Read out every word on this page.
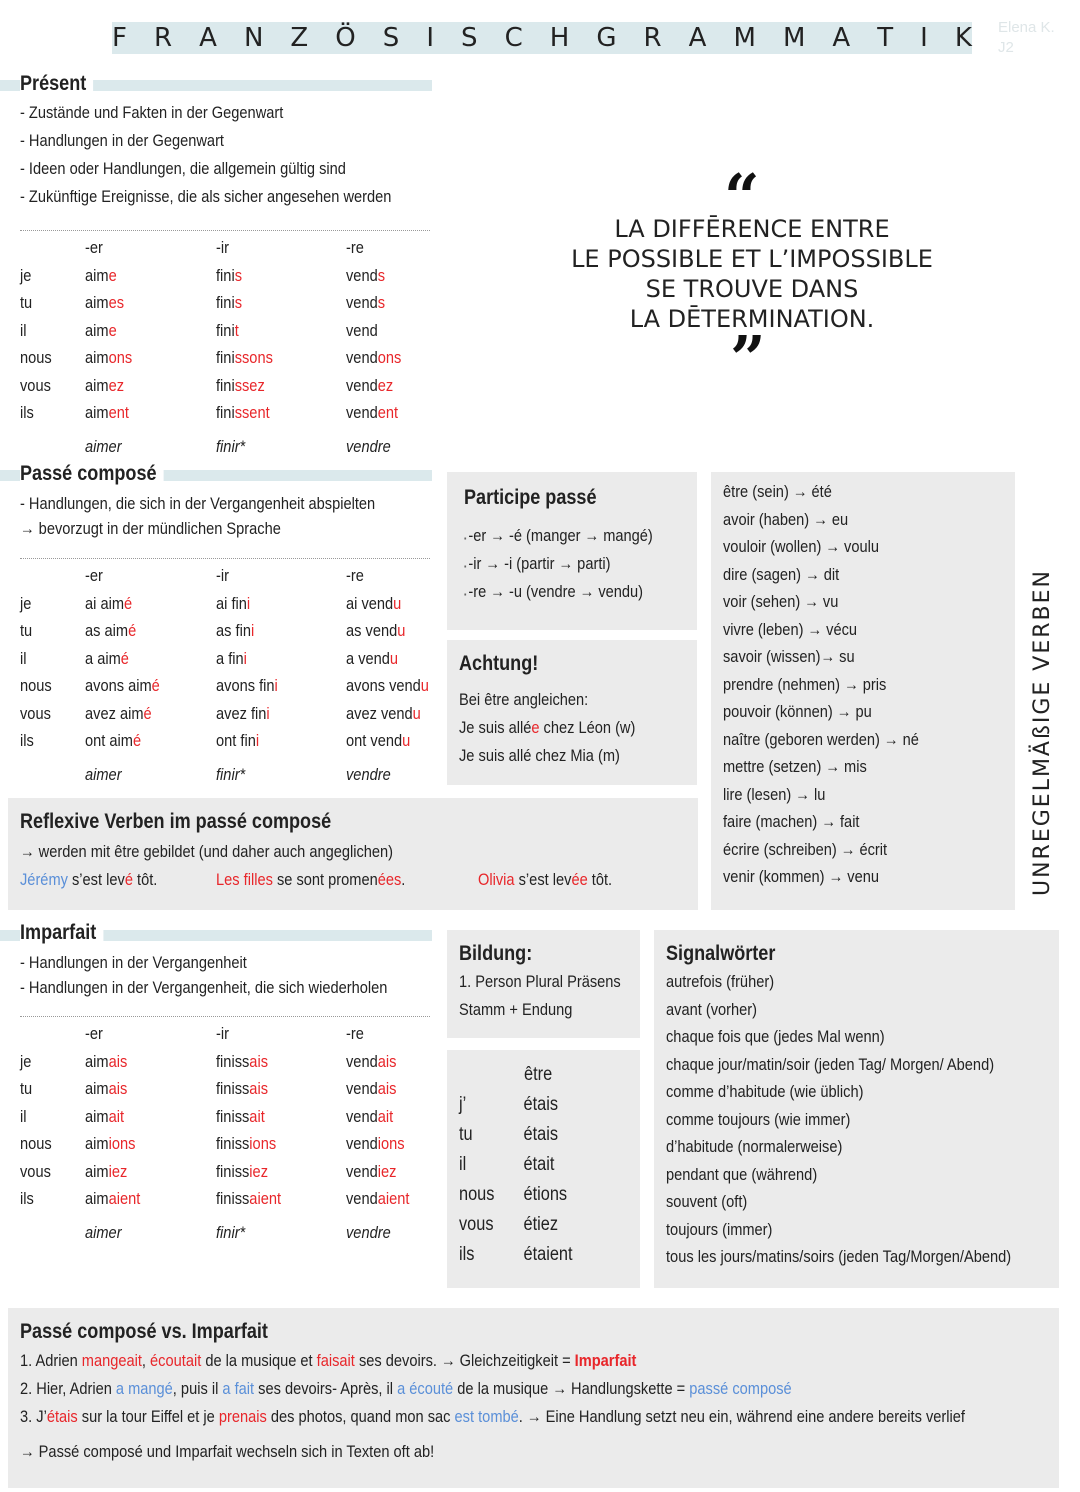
F R A N Z Ö S I S C H G R A M M A T I K Elena K. J2
Présent
- Zustände und Fakten in der Gegenwart
- Handlungen in der Gegenwart
- Ideen oder Handlungen, die allgemein gültig sind
- Zukünftige Ereignisse, die als sicher angesehen werden
-er	-ir	-re
je	aime	finis	vends
tu	aimes	finis	vends
il	aime	finit	vend
nous aimons	finissons	vendons
vous aimez	finissez	vendez
ils	aiment	finissent	vendent
aimer	finir*	vendre
Passé composé
- Handlungen, die sich in der Vergangenheit abspielten
→ bevorzugt in der mündlichen Sprache
-er	-ir	-re
je	ai aimé	ai fini	ai vendu
tu	as aimé	as fini	as vendu
il	a aimé	a fini	a vendu
nous avons aimé	avons fini	avons vendu
vous avez aimé	avez fini	avez vendu
ils	ont aimé	ont fini	ont vendu
aimer	finir*	vendre
Participe passé
▪ -er → -é (manger → mangé)
▪ -ir → -i (partir → parti)
▪ -re → -u (vendre → vendu)
Achtung!
Bei être angleichen:
Je suis allée chez Léon (w)
Je suis allé chez Mia (m)
être (sein) → été
avoir (haben) → eu
vouloir (wollen) → voulu
dire (sagen) → dit
voir (sehen) → vu
vivre (leben) → vécu
savoir (wissen)→ su
prendre (nehmen) → pris
pouvoir (können) → pu
naître (geboren werden) → né
mettre (setzen) → mis
lire (lesen) → lu
faire (machen) → fait
écrire (schreiben) → écrit
venir (kommen) → venu	UNREGELMÄßIGE VERBEN
“
LA DIFFĒRENCE ENTRE
LE POSSIBLE ET L’IMPOSSIBLE
SE TROUVE DANS
LA DĒTERMINATION.
”
Reflexive Verben im passé composé
→ werden mit être gebildet (und daher auch angeglichen)
Jérémy s’est levé tôt.	Les filles se sont promenées.	Olivia s’est levée tôt.
Imparfait
- Handlungen in der Vergangenheit
- Handlungen in der Vergangenheit, die sich wiederholen
-er	-ir	-re
je	aimais	finissais	vendais
tu	aimais	finissais	vendais
il	aimait	finissait	vendait
nous aimions	finissions	vendions
vous aimiez	finissiez	vendiez
ils	aimaient	finissaient	vendaient
aimer	finir*	vendre
Bildung:
1. Person Plural Präsens
Stamm + Endung
être
j’	étais
tu	étais
il	était
nous étions
vous étiez
ils	étaient
Signalwörter
autrefois (früher)
avant (vorher)
chaque fois que (jedes Mal wenn)
chaque jour/matin/soir (jeden Tag/ Morgen/ Abend)
comme d’habitude (wie üblich)
comme toujours (wie immer)
d’habitude (normalerweise)
pendant que (während)
souvent (oft)
toujours (immer)
tous les jours/matins/soirs (jeden Tag/Morgen/Abend)
Passé composé vs. Imparfait
1. Adrien mangeait, écoutait de la musique et faisait ses devoirs. → Gleichzeitigkeit = Imparfait
2. Hier, Adrien a mangé, puis il a fait ses devoirs- Après, il a écouté de la musique → Handlungskette = passé composé
3. J’étais sur la tour Eiffel et je prenais des photos, quand mon sac est tombé. → Eine Handlung setzt neu ein, während eine andere bereits verlief
→ Passé composé und Imparfait wechseln sich in Texten oft ab!
